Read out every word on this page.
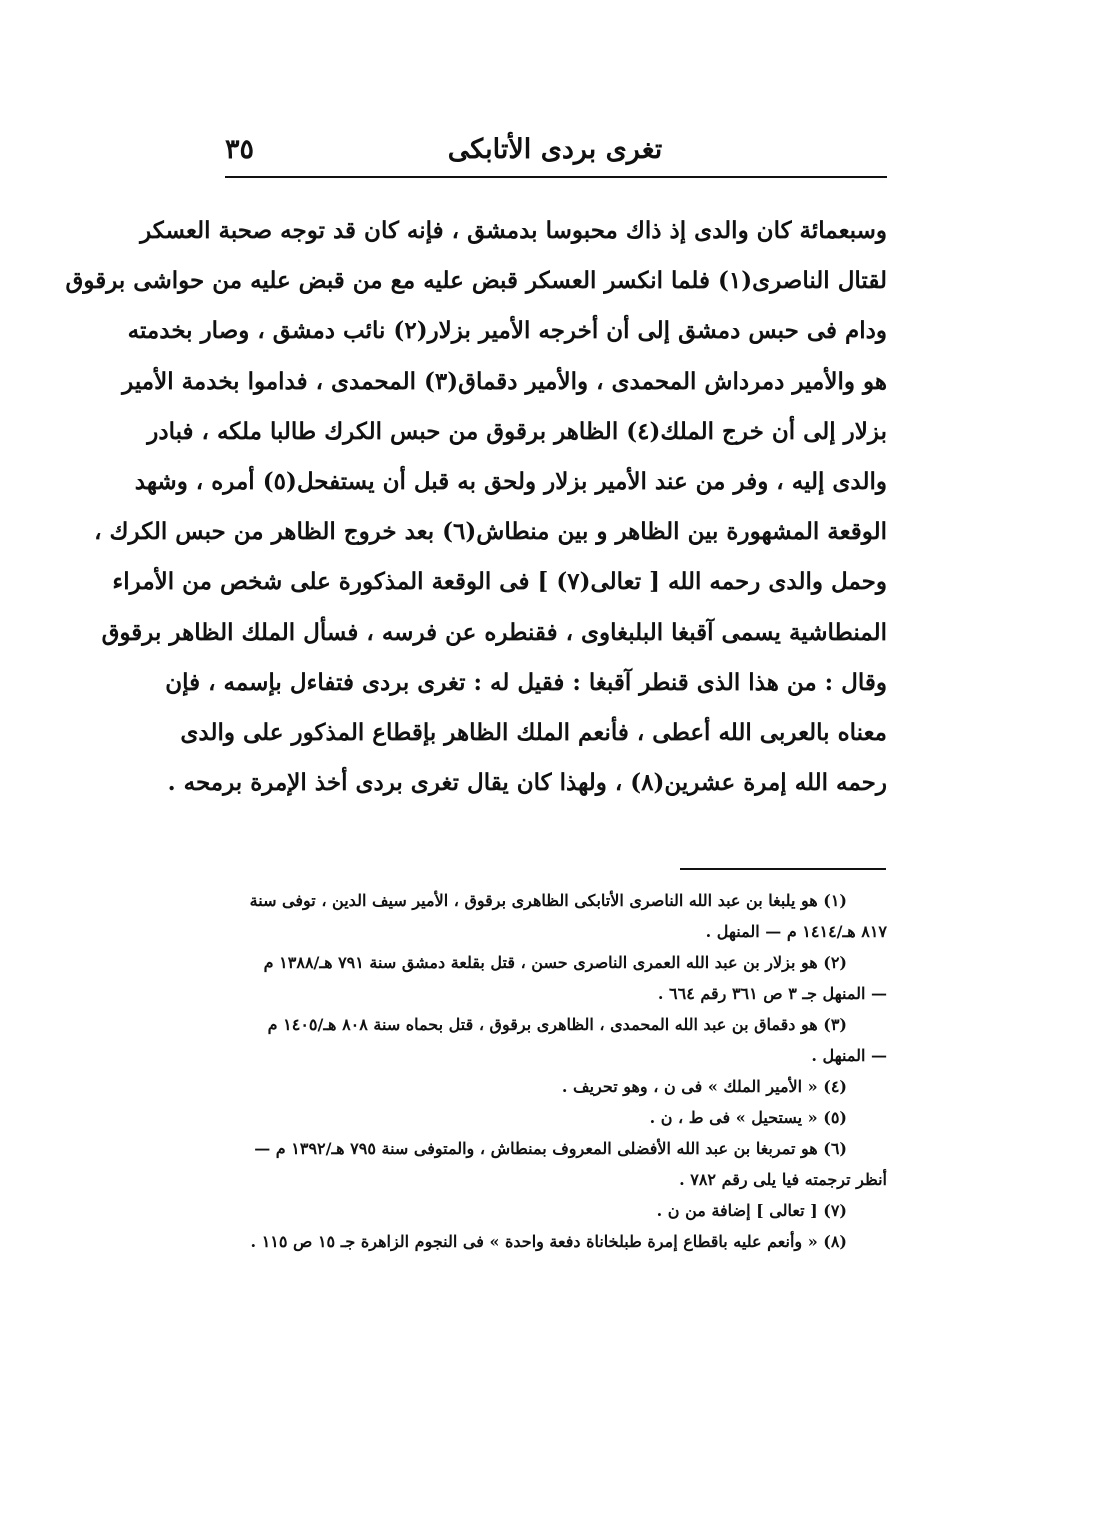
تغرى بردى الأتابكى
٣٥
وسبعمائة كان والدى إذ ذاك محبوسا بدمشق ، فإنه كان قد توجه صحبة العسكر
لقتال الناصرى(١) فلما انكسر العسكر قبض عليه مع من قبض عليه من حواشى برقوق
ودام فى حبس دمشق إلى أن أخرجه الأمير بزلار(٢) نائب دمشق ، وصار بخدمته
هو والأمير دمرداش المحمدى ، والأمير دقماق(٣) المحمدى ، فداموا بخدمة الأمير
بزلار إلى أن خرج الملك(٤) الظاهر برقوق من حبس الكرك طالبا ملكه ، فبادر
والدى إليه ، وفر من عند الأمير بزلار ولحق به قبل أن يستفحل(٥) أمره ، وشهد
الوقعة المشهورة بين الظاهر و بين منطاش(٦) بعد خروج الظاهر من حبس الكرك ،
وحمل والدى رحمه الله [ تعالى(٧) ] فى الوقعة المذكورة على شخص من الأمراء
المنطاشية يسمى آقبغا البلبغاوى ، فقنطره عن فرسه ، فسأل الملك الظاهر برقوق
وقال : من هذا الذى قنطر آقبغا : فقيل له : تغرى بردى فتفاءل بإسمه ، فإن
معناه بالعربى الله أعطى ، فأنعم الملك الظاهر بإقطاع المذكور على والدى
رحمه الله إمرة عشرين(٨) ، ولهذا كان يقال تغرى بردى أخذ الإمرة برمحه .
(١) هو يلبغا بن عبد الله الناصرى الأتابكى الظاهرى برقوق ، الأمير سيف الدين ، توفى سنة
٨١٧ هـ/١٤١٤ م — المنهل .
(٢) هو بزلار بن عبد الله العمرى الناصرى حسن ، قتل بقلعة دمشق سنة ٧٩١ هـ/١٣٨٨ م
— المنهل جـ ٣ ص ٣٦١ رقم ٦٦٤ .
(٣) هو دقماق بن عبد الله المحمدى ، الظاهرى برقوق ، قتل بحماه سنة ٨٠٨ هـ/١٤٠٥ م
— المنهل .
(٤) « الأمير الملك » فى ن ، وهو تحريف .
(٥) « يستحيل » فى ط ، ن .
(٦) هو تمربغا بن عبد الله الأفضلى المعروف بمنطاش ، والمتوفى سنة ٧٩٥ هـ/١٣٩٢ م —
أنظر ترجمته فيا يلى رقم ٧٨٢ .
(٧) [ تعالى ] إضافة من ن .
(٨) « وأنعم عليه باقطاع إمرة طبلخاناة دفعة واحدة » فى النجوم الزاهرة جـ ١٥ ص ١١٥ .
